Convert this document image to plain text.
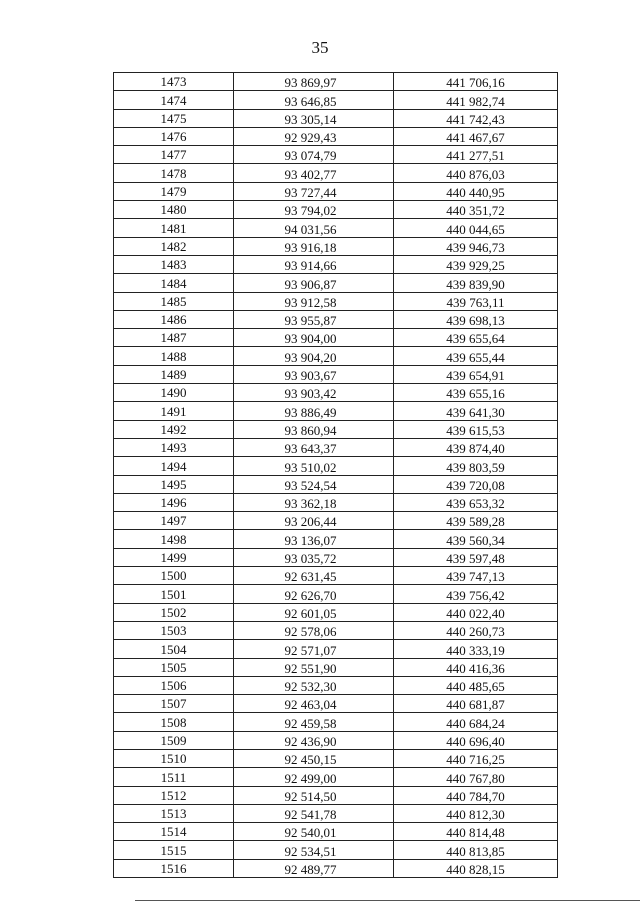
35
1473	93 869,97	441 706,16
1474	93 646,85	441 982,74
1475	93 305,14	441 742,43
1476	92 929,43	441 467,67
1477	93 074,79	441 277,51
1478	93 402,77	440 876,03
1479	93 727,44	440 440,95
1480	93 794,02	440 351,72
1481	94 031,56	440 044,65
1482	93 916,18	439 946,73
1483	93 914,66	439 929,25
1484	93 906,87	439 839,90
1485	93 912,58	439 763,11
1486	93 955,87	439 698,13
1487	93 904,00	439 655,64
1488	93 904,20	439 655,44
1489	93 903,67	439 654,91
1490	93 903,42	439 655,16
1491	93 886,49	439 641,30
1492	93 860,94	439 615,53
1493	93 643,37	439 874,40
1494	93 510,02	439 803,59
1495	93 524,54	439 720,08
1496	93 362,18	439 653,32
1497	93 206,44	439 589,28
1498	93 136,07	439 560,34
1499	93 035,72	439 597,48
1500	92 631,45	439 747,13
1501	92 626,70	439 756,42
1502	92 601,05	440 022,40
1503	92 578,06	440 260,73
1504	92 571,07	440 333,19
1505	92 551,90	440 416,36
1506	92 532,30	440 485,65
1507	92 463,04	440 681,87
1508	92 459,58	440 684,24
1509	92 436,90	440 696,40
1510	92 450,15	440 716,25
1511	92 499,00	440 767,80
1512	92 514,50	440 784,70
1513	92 541,78	440 812,30
1514	92 540,01	440 814,48
1515	92 534,51	440 813,85
1516	92 489,77	440 828,15
